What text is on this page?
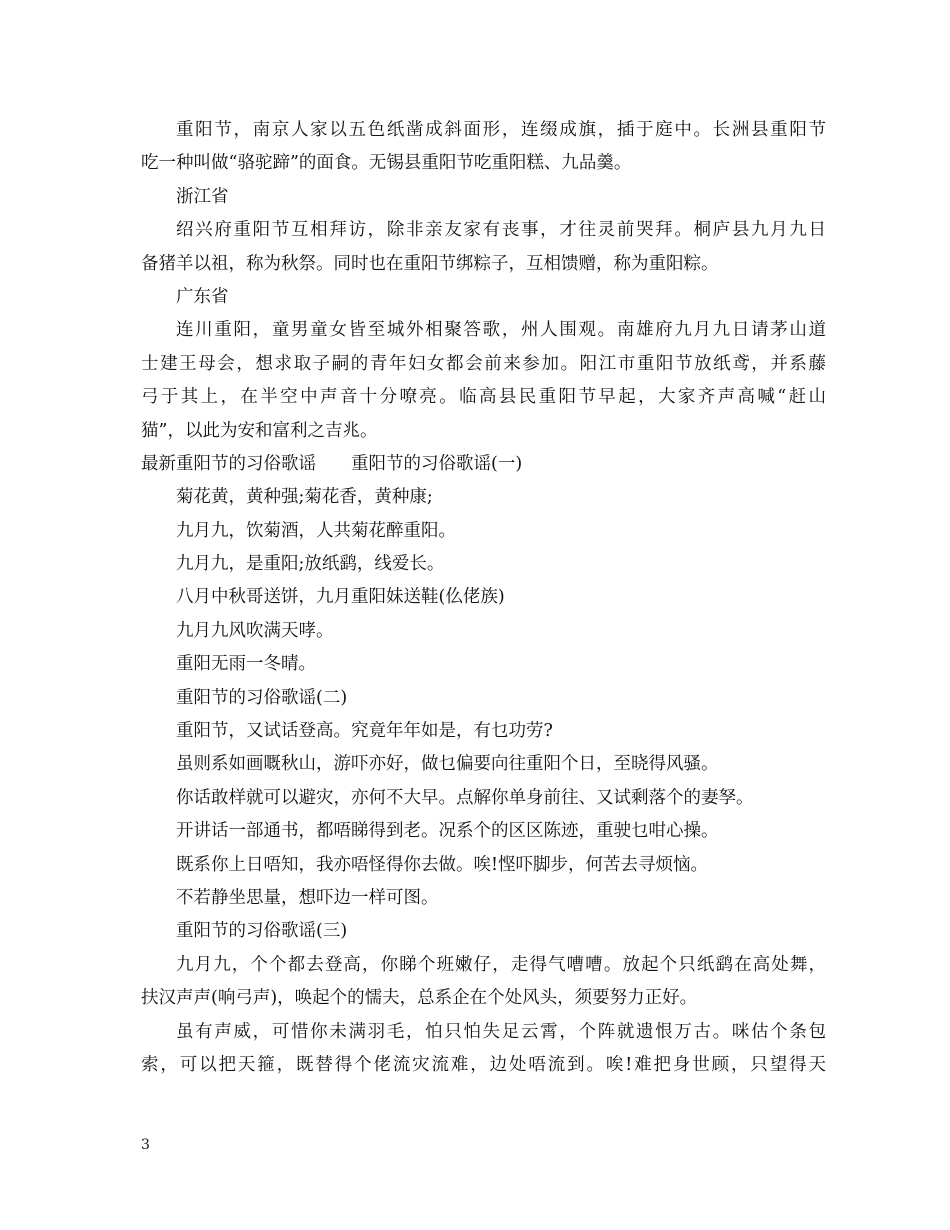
重阳节，南京人家以五色纸凿成斜面形，连缀成旗，插于庭中。长洲县重阳节
吃一种叫做“骆驼蹄”的面食。无锡县重阳节吃重阳糕、九品羹。
浙江省
绍兴府重阳节互相拜访，除非亲友家有丧事，才往灵前哭拜。桐庐县九月九日
备猪羊以祖，称为秋祭。同时也在重阳节绑粽子，互相馈赠，称为重阳粽。
广东省
连川重阳，童男童女皆至城外相聚答歌，州人围观。南雄府九月九日请茅山道
士建王母会，想求取子嗣的青年妇女都会前来参加。阳江市重阳节放纸鸢，并系藤
弓于其上，在半空中声音十分嘹亮。临高县民重阳节早起，大家齐声高喊“赶山
猫”，以此为安和富利之吉兆。
最新重阳节的习俗歌谣　　重阳节的习俗歌谣(一)
菊花黄，黄种强;菊花香，黄种康;
九月九，饮菊酒，人共菊花醉重阳。
九月九，是重阳;放纸鹞，线爱长。
八月中秋哥送饼，九月重阳妹送鞋(仫佬族)
九月九风吹满天哮。
重阳无雨一冬晴。
重阳节的习俗歌谣(二)
重阳节，又试话登高。究竟年年如是，有乜功劳?
虽则系如画嘅秋山，游吓亦好，做乜偏要向往重阳个日，至晓得风骚。
你话敢样就可以避灾，亦何不大早。点解你单身前往、又试剩落个的妻孥。
开讲话一部通书，都唔睇得到老。况系个的区区陈迹，重驶乜咁心操。
既系你上日唔知，我亦唔怪得你去做。唉!悭吓脚步，何苦去寻烦恼。
不若静坐思量，想吓边一样可图。
重阳节的习俗歌谣(三)
九月九，个个都去登高，你睇个班嫩仔，走得气嘈嘈。放起个只纸鹞在高处舞，
扶汉声声(响弓声)，唤起个的懦夫，总系企在个处风头，须要努力正好。
虽有声威，可惜你未满羽毛，怕只怕失足云霄，个阵就遗恨万古。咪估个条包
索，可以把天箍，既替得个佬流灾流难，边处唔流到。唉!难把身世顾，只望得天
3
